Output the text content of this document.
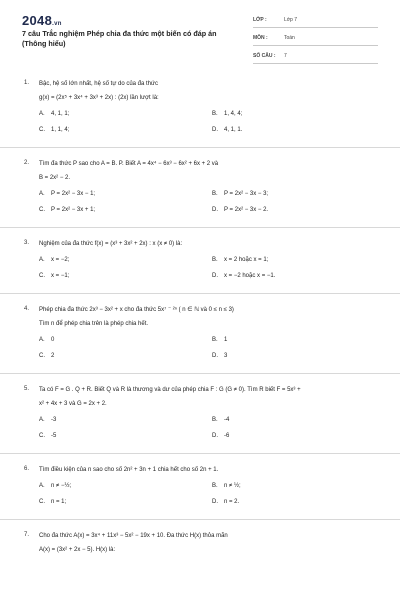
2048.vn
7 câu Trắc nghiệm Phép chia đa thức một biến có đáp án (Thông hiểu)
LỚP :	Lớp 7
MÔN :	Toán
SỐ CÂU : 7
1. Bậc, hệ số lớn nhất, hệ số tự do của đa thức
g(x) = (2x⁵ + 3x⁴ + 3x³ + 2x) : (2x) lần lượt là:
A. 4, 1, 1;	B. 1, 4, 4;
C. 1, 1, 4;	D. 4, 1, 1.
2. Tìm đa thức P sao cho A = B. P. Biết A = 4x⁴ − 6x³ − 6x² + 6x + 2 và
B = 2x² − 2.
A. P = 2x² − 3x − 1;	B. P = 2x² − 3x − 3;
C. P = 2x² − 3x + 1;	D. P = 2x² − 3x − 2.
3. Nghiệm của đa thức f(x) = (x³ + 3x² + 2x) : x (x ≠ 0) là:
A. x = −2;	B. x = 2 hoặc x = 1;
C. x = −1;	D. x = −2 hoặc x = −1.
4. Phép chia đa thức 2x³ − 3x² + x cho đa thức 5x⁷ ⁻ ²ⁿ ( n ∈ ℕ và 0 ≤ n ≤ 3)
Tìm n để phép chia trên là phép chia hết.
A. 0	B. 1
C. 2	D. 3
5. Ta có F = G . Q + R. Biết Q và R là thương và dư của phép chia F : G (G ≠ 0). Tìm R biết F = 5x³ +
x² + 4x + 3 và G = 2x + 2.
A. -3	B. -4
C. -5	D. -6
6. Tìm điều kiện của n sao cho số 2n² + 3n + 1 chia hết cho số 2n + 1.
A. n ≠ −½;	B. n ≠ ½;
C. n = 1;	D. n = 2.
7. Cho đa thức A(x) = 3x⁴ + 11x³ − 5x² − 19x + 10. Đa thức H(x) thỏa mãn
A(x) = (3x² + 2x − 5). H(x) là:
